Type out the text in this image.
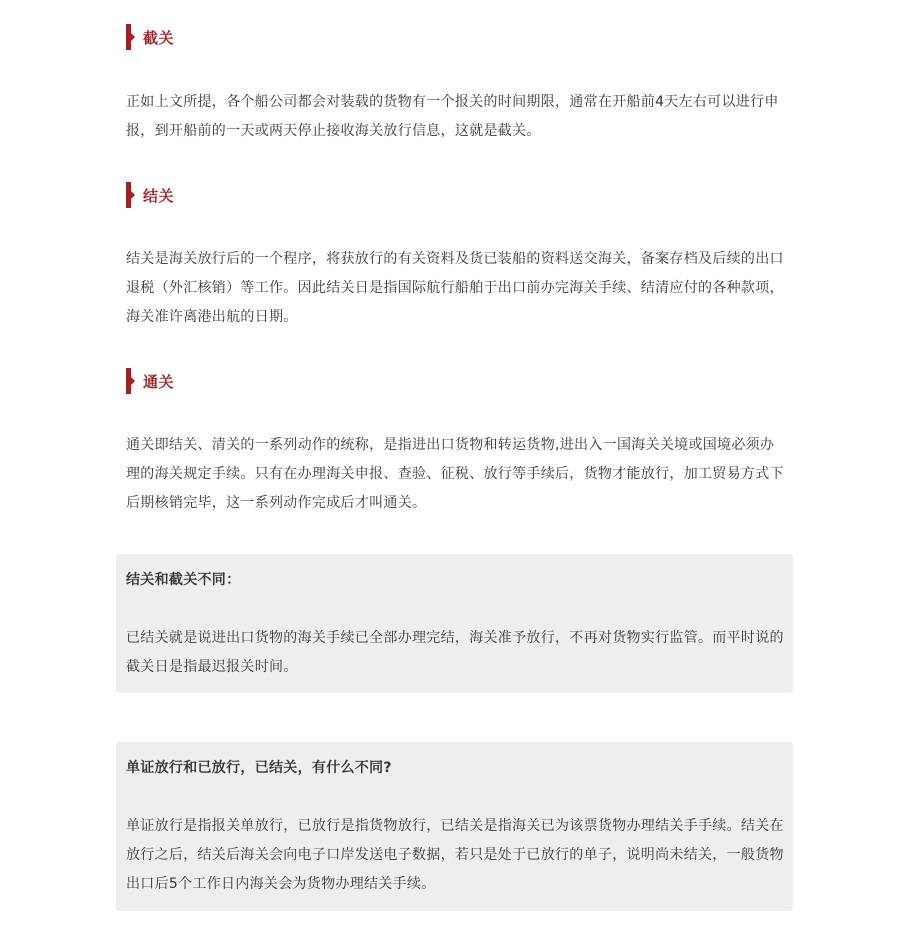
截关

正如上文所提，各个船公司都会对装载的货物有一个报关的时间期限，通常在开船前4天左右可以进行申报，到开船前的一天或两天停止接收海关放行信息，这就是截关。

结关

结关是海关放行后的一个程序，将获放行的有关资料及货已装船的资料送交海关，备案存档及后续的出口退税（外汇核销）等工作。因此结关日是指国际航行船舶于出口前办完海关手续、结清应付的各种款项，海关准许离港出航的日期。

通关

通关即结关、清关的一系列动作的统称，是指进出口货物和转运货物,进出入一国海关关境或国境必须办理的海关规定手续。只有在办理海关申报、查验、征税、放行等手续后，货物才能放行，加工贸易方式下后期核销完毕，这一系列动作完成后才叫通关。

结关和截关不同：
已结关就是说进出口货物的海关手续已全部办理完结，海关准予放行，不再对货物实行监管。而平时说的截关日是指最迟报关时间。
单证放行和已放行，已结关，有什么不同?
单证放行是指报关单放行，已放行是指货物放行，已结关是指海关已为该票货物办理结关手手续。结关在放行之后，结关后海关会向电子口岸发送电子数据，若只是处于已放行的单子，说明尚未结关，一般货物出口后5个工作日内海关会为货物办理结关手续。
